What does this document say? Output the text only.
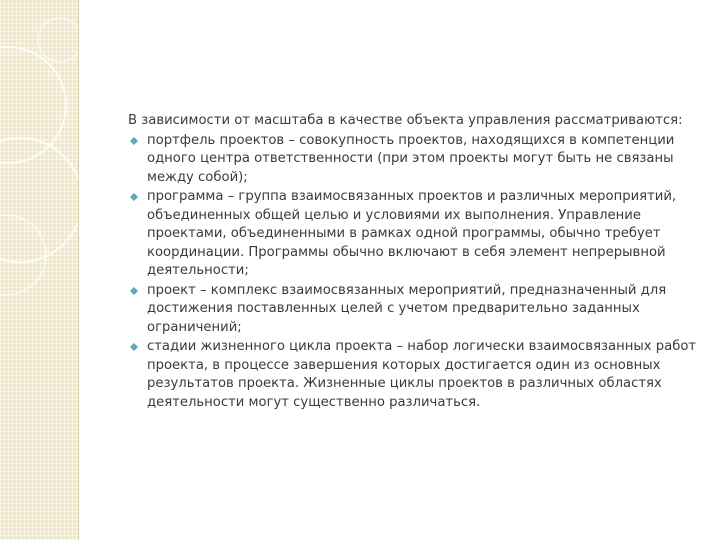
В зависимости от масштаба в качестве объекта управления рассматриваются:
портфель проектов – совокупность проектов, находящихся в компетенции одного центра ответственности (при этом проекты могут быть не связаны между собой);
программа – группа взаимосвязанных проектов и различных мероприятий, объединенных общей целью и условиями их выполнения. Управление проектами, объединенными в рамках одной программы, обычно требует координации. Программы обычно включают в себя элемент непрерывной деятельности;
проект – комплекс взаимосвязанных мероприятий, предназначенный для достижения поставленных целей с учетом предварительно заданных ограничений;
стадии жизненного цикла проекта – набор логически взаимосвязанных работ проекта, в процессе завершения которых достигается один из основных результатов проекта. Жизненные циклы проектов в различных областях деятельности могут существенно различаться.
